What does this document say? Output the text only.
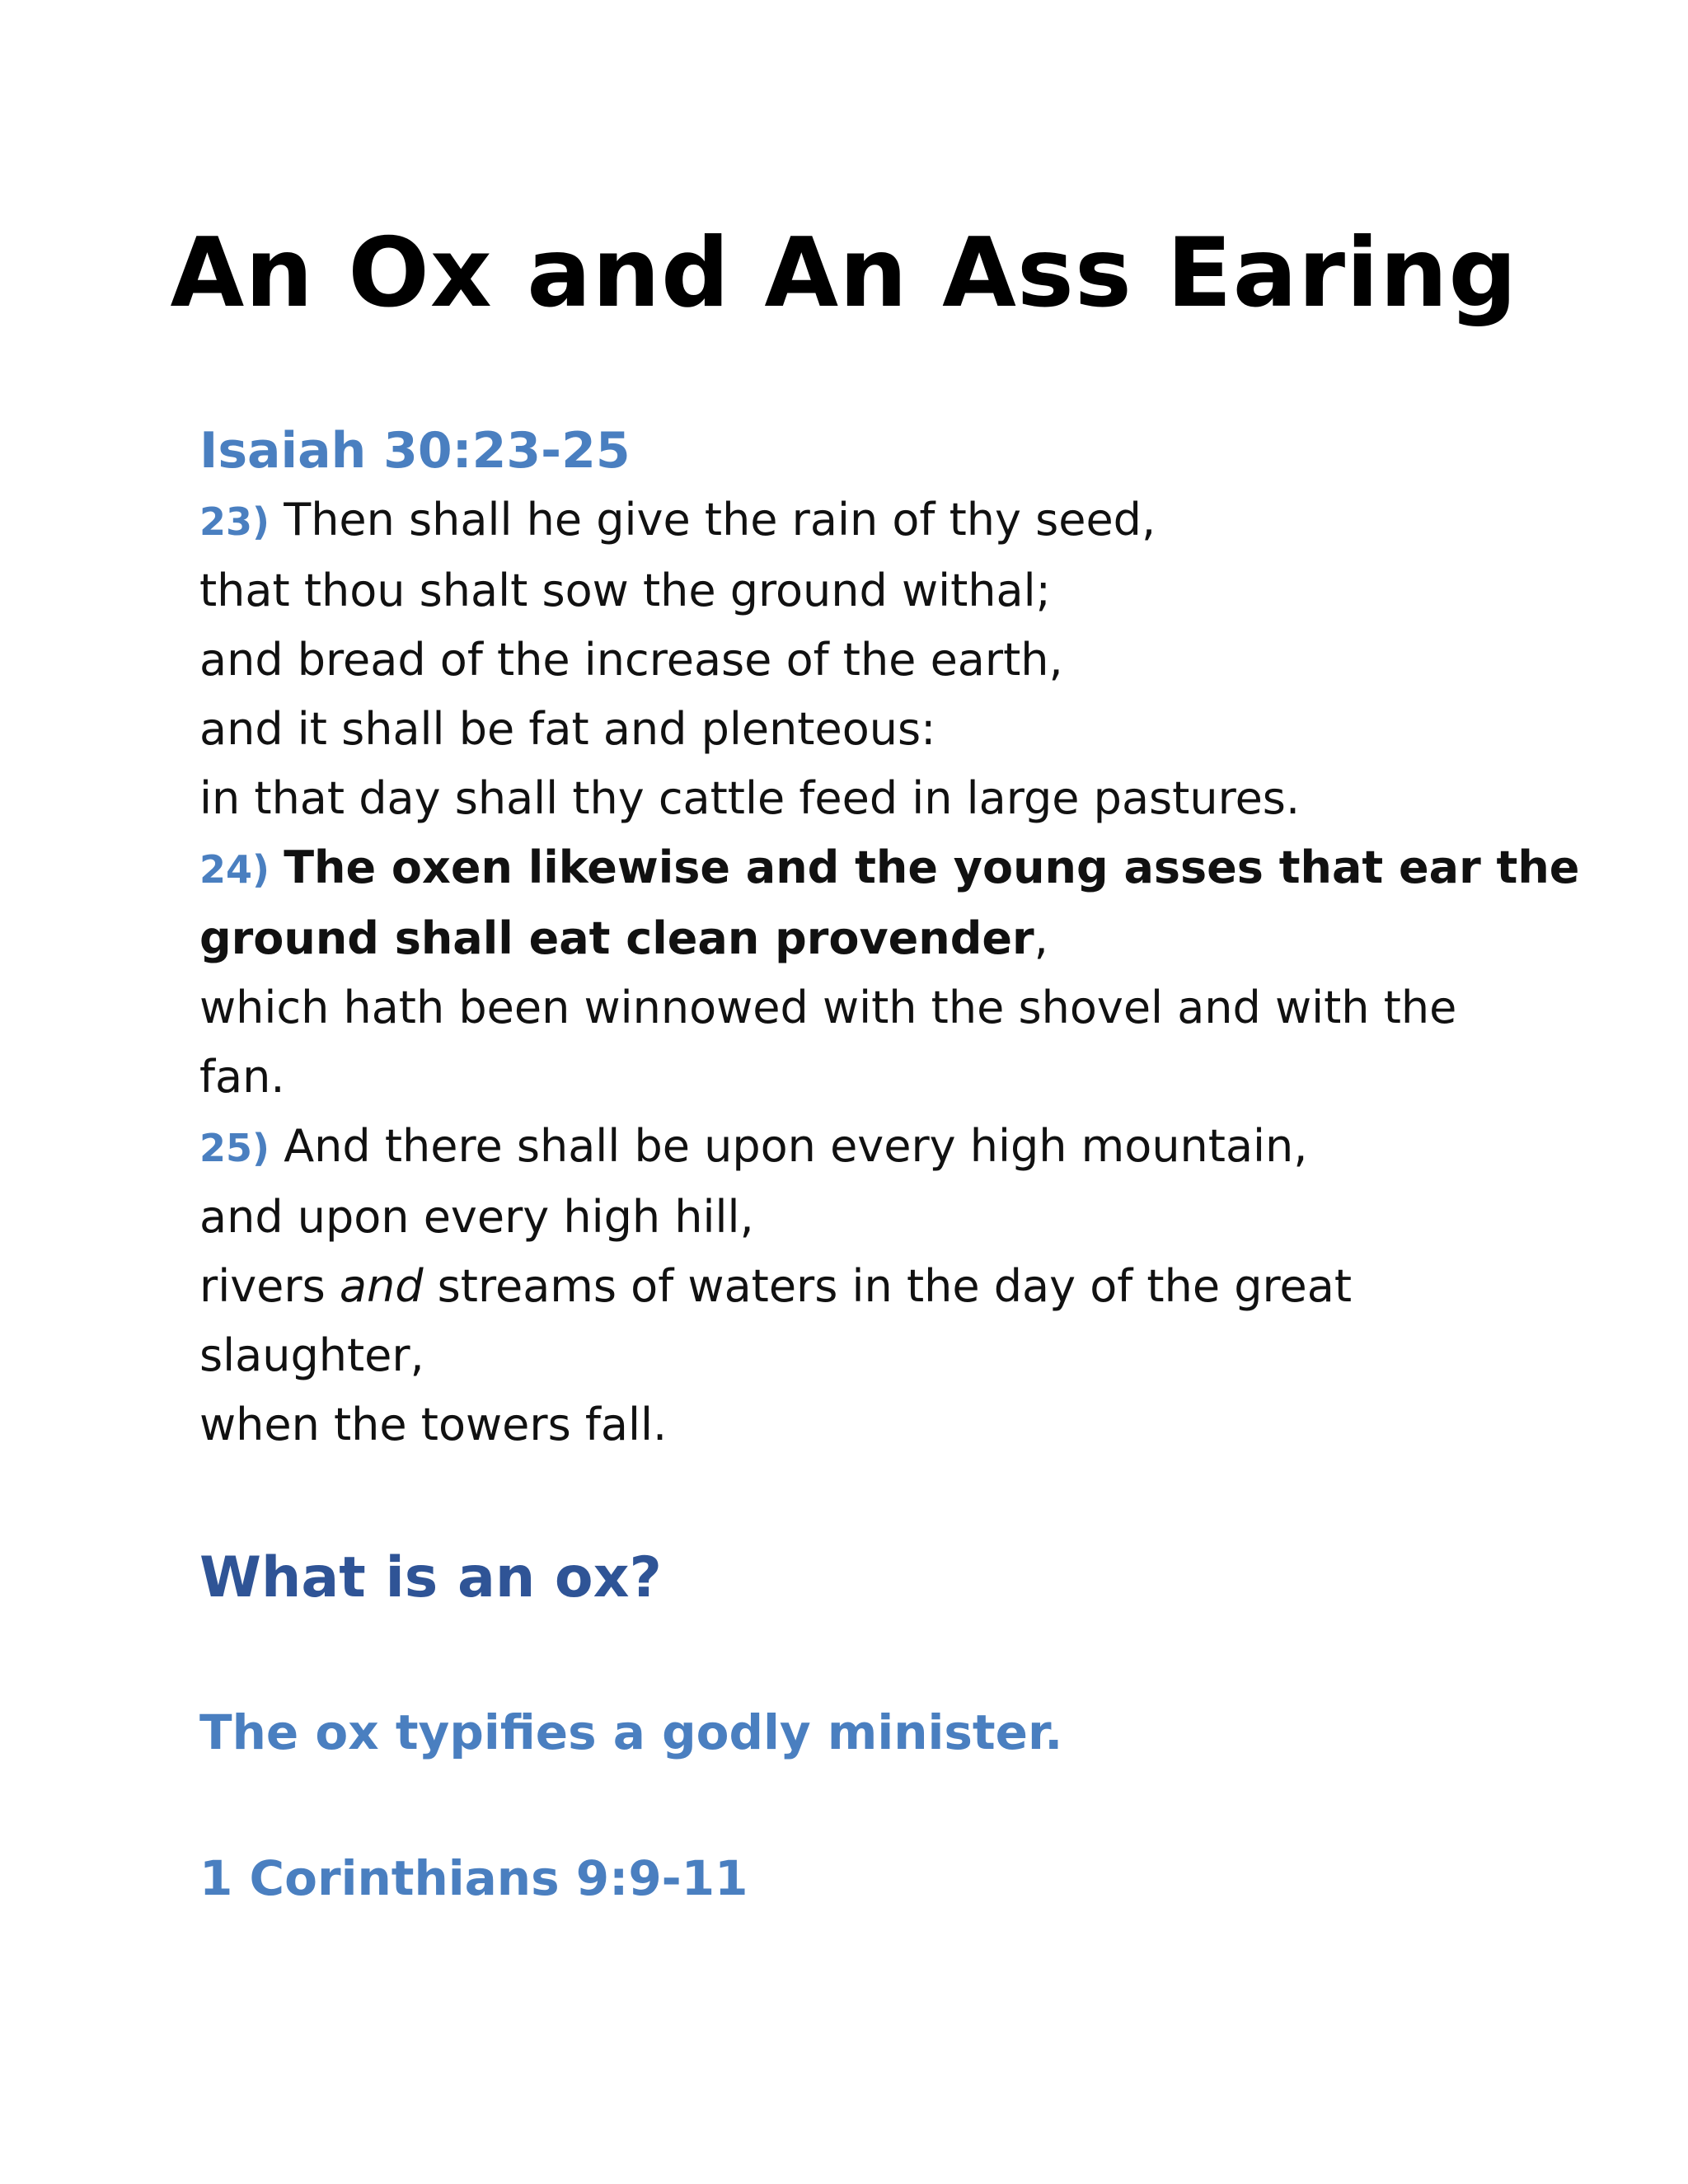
An Ox and An Ass Earing

Isaiah 30:23-25

23) Then shall he give the rain of thy seed,
that thou shalt sow the ground withal;
and bread of the increase of the earth,
and it shall be fat and plenteous:
in that day shall thy cattle feed in large pastures.
24) The oxen likewise and the young asses that ear the
ground shall eat clean provender,
which hath been winnowed with the shovel and with the
fan.
25) And there shall be upon every high mountain,
and upon every high hill,
rivers and streams of waters in the day of the great
slaughter,
when the towers fall.
What is an ox?

The ox typifies a godly minister.

1 Corinthians 9:9-11
